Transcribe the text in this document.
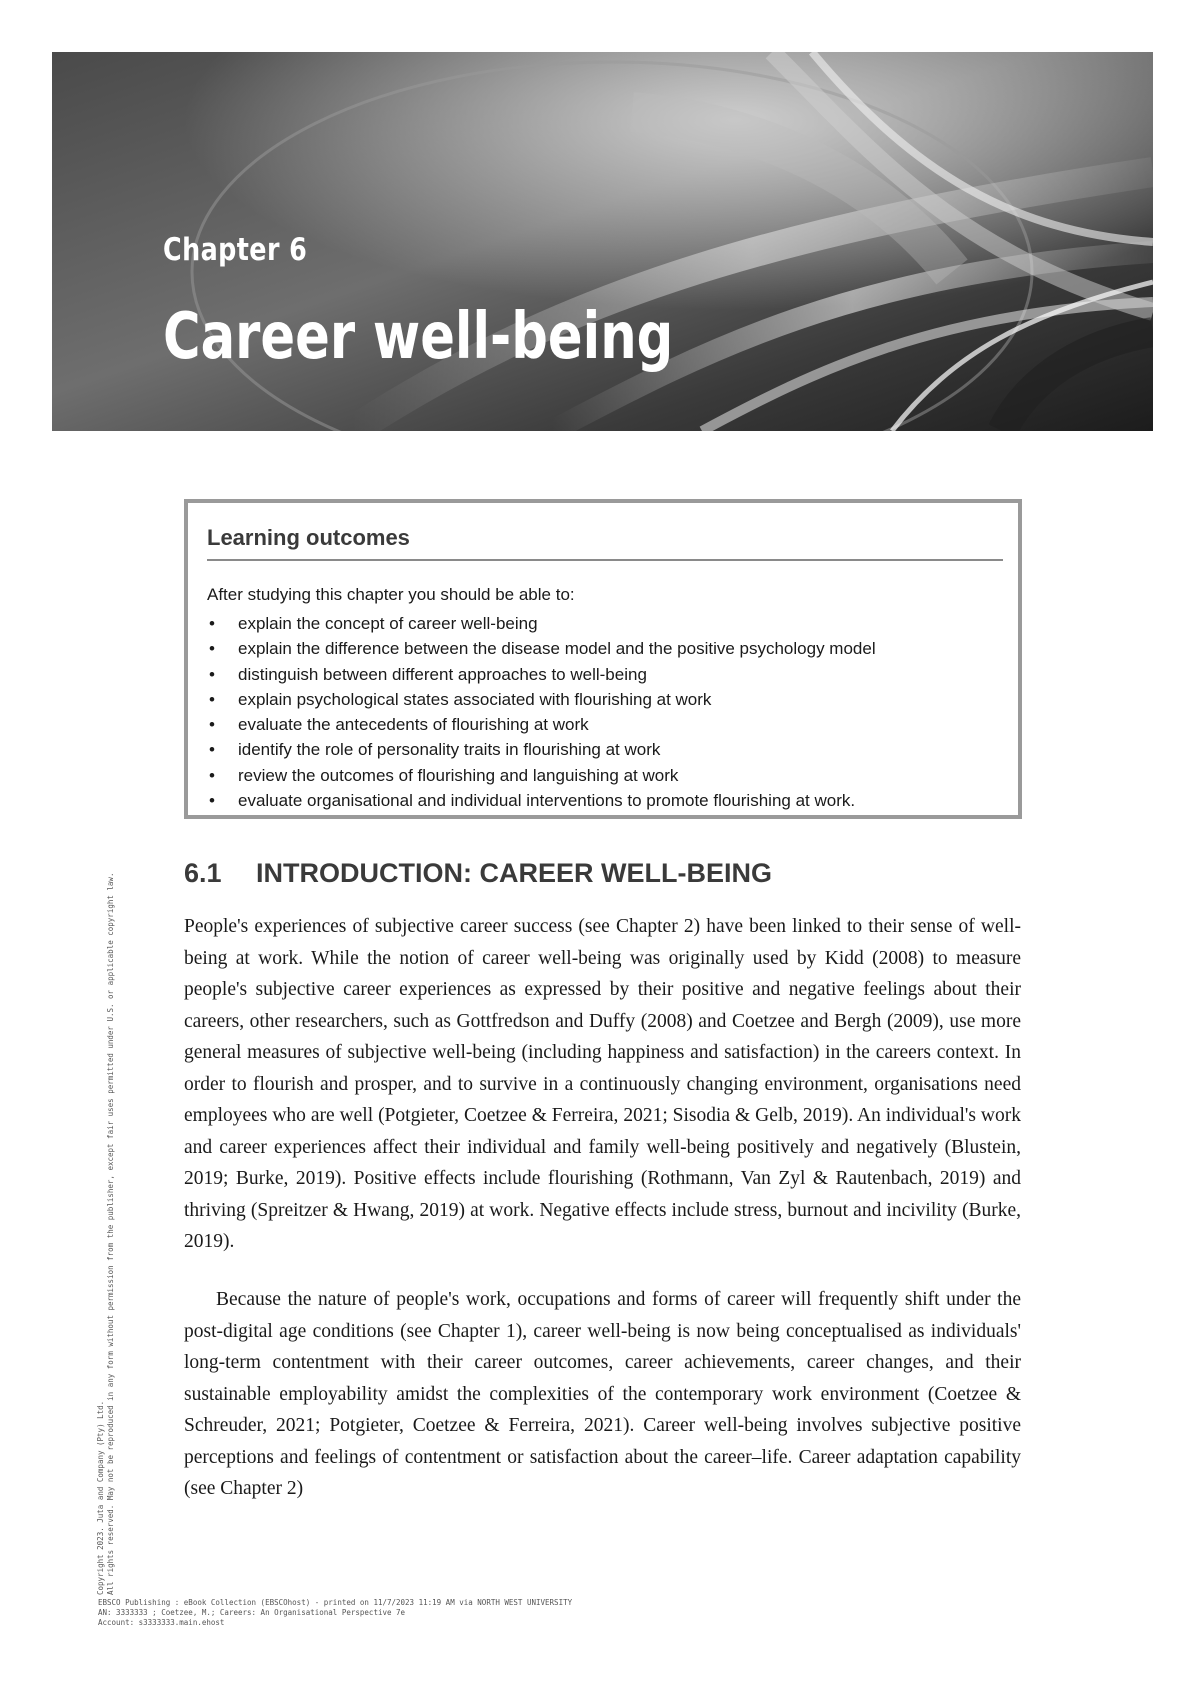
Chapter 6
Career well-being
Learning outcomes
After studying this chapter you should be able to:
• explain the concept of career well-being
• explain the difference between the disease model and the positive psychology model
• distinguish between different approaches to well-being
• explain psychological states associated with flourishing at work
• evaluate the antecedents of flourishing at work
• identify the role of personality traits in flourishing at work
• review the outcomes of flourishing and languishing at work
• evaluate organisational and individual interventions to promote flourishing at work.
6.1 INTRODUCTION: CAREER WELL-BEING

People's experiences of subjective career success (see Chapter 2) have been linked to their sense of well-being at work. While the notion of career well-being was originally used by Kidd (2008) to measure people's subjective career experiences as expressed by their positive and negative feelings about their careers, other researchers, such as Gottfredson and Duffy (2008) and Coetzee and Bergh (2009), use more general measures of subjective well-being (including happiness and satisfaction) in the careers context. In order to flourish and prosper, and to survive in a continuously changing environment, organisations need employees who are well (Potgieter, Coetzee & Ferreira, 2021; Sisodia & Gelb, 2019). An individual's work and career experiences affect their individual and family well-being positively and negatively (Blustein, 2019; Burke, 2019). Positive effects include flourishing (Rothmann, Van Zyl & Rautenbach, 2019) and thriving (Spreitzer & Hwang, 2019) at work. Negative effects include stress, burnout and incivility (Burke, 2019).

Because the nature of people's work, occupations and forms of career will frequently shift under the post-digital age conditions (see Chapter 1), career well-being is now being conceptualised as individuals' long-term contentment with their career outcomes, career achievements, career changes, and their sustainable employability amidst the complexities of the contemporary work environment (Coetzee & Schreuder, 2021; Potgieter, Coetzee & Ferreira, 2021). Career well-being involves subjective positive perceptions and feelings of contentment or satisfaction about the career–life. Career adaptation capability (see Chapter 2)

Copyright 2023. Juta and Company (Pty) Ltd. All rights reserved. May not be reproduced in any form without permission from the publisher, except fair uses permitted under U.S. or applicable copyright law.
EBSCO Publishing : eBook Collection (EBSCOhost) - printed on 11/7/2023 11:19 AM via NORTH WEST UNIVERSITY
AN: 3333333 ; Coetzee, M.; Careers: An Organisational Perspective 7e
Account: s3333333.main.ehost
